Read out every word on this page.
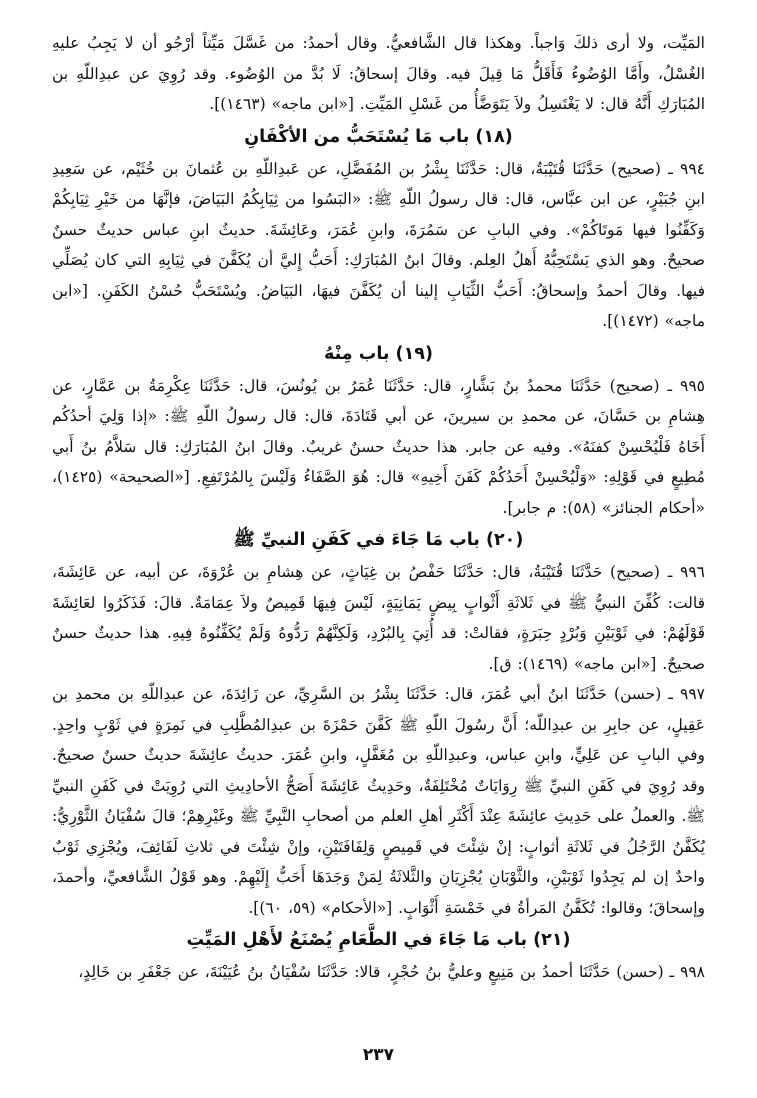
المَيِّت، ولا أرى ذلكَ وَاجباً. وهكذا قال الشَّافعيُّ. وقال أحمدُ: من غَسَّلَ مَيِّتاً أرْجُو أن لا يَجِبُ عليهِ الغُسْلُ، وأَمَّا الوُضُوءُ فَأَقَلُّ مَا قِيلَ فيه. وقالَ إسحاقُ: لَا بُدَّ من الوُضُوء. وقد رُوِيَ عن عبدِاللّهِ بن المُبَارَكِ أَنَّهُ قال: لا يَغْتَسِلُ ولاَ يَتَوَضَّأُ من غَسْلِ المَيِّتِ. [«ابن ماجه» (١٤٦٣)].

(١٨) باب مَا يُسْتَحَبُّ من الأكْفَانِ

٩٩٤ ـ (صحيح) حَدَّثَنَا قُتَيْبَةُ، قال: حَدَّثَنَا بِشْرُ بن المُفَضَّلِ، عن عَبدِاللّهِ بن عُثمانَ بن خُثَيْم، عن سَعِيدِ ابنِ جُبَيْرٍ، عن ابن عبَّاس، قال: قال رسولُ اللّهِ ﷺ: «البَسُوا من ثِيَابِكُمُ البَيَاضَ، فإنَّهَا من خَيْرِ ثِيَابِكُمْ وَكَفِّنُوا فيها مَوتَاكُمْ». وفي البابِ عن سَمُرَةَ، وابنِ عُمَرَ، وعَائِشَةَ. حديثُ ابنِ عباس حديثٌ حسنٌ صحيحٌ. وهو الذي يَسْتَحِبُّهُ أَهلُ العِلم. وقالَ ابنُ المُبَارَكِ: أَحَبُّ إِليَّ أن يُكَفَّنَ في ثِيَابِهِ التي كان يُصَلِّي فيها. وقالَ أحمدُ وإسحاقُ: أَحَبُّ الثِّيَابِ إلينا أن يُكَفَّنَ فيهَا، البَيَاضُ. ويُسْتَحَبُّ حُسْنُ الكَفَنِ. [«ابن ماجه» (١٤٧٢)].

(١٩) باب مِنْهُ

٩٩٥ ـ (صحيح) حَدَّثَنَا محمدُ بنُ بَشَّارٍ، قال: حَدَّثَنَا عُمَرُ بن يُونُسَ، قال: حَدَّثَنَا عِكْرِمَةُ بن عَمَّارٍ، عن هِشامِ بن حَسَّانَ، عن محمدِ بن سيرينَ، عن أبي قَتَادَةَ، قال: قال رسولُ اللّهِ ﷺ: «إذا وَلِيَ أحدُكُم أَخَاهُ فَلْيُحْسِنْ كفنَهُ». وفيه عن جابر. هذا حديثٌ حسنٌ غريبٌ. وقالَ ابنُ المُبَارَكِ: قال سَلاَّمُ بنُ أَبي مُطِيعٍ في قَوْلِهِ: «وَلْيُحْسِنْ أَحَدُكُمْ كَفَنَ أَخِيهِ» قال: هُوَ الصَّفَاءُ وَلَيْسَ بِالمُرْتَفِعِ. [«الصحيحة» (١٤٢٥)، «أحكام الجنائز» (٥٨): م جابر].

(٢٠) باب مَا جَاءَ في كَفَنِ النبيِّ ﷺ

٩٩٦ ـ (صحيح) حَدَّثَنَا قُتَيْبَةُ، قال: حَدَّثَنَا حَفْصُ بن غِيَاثٍ، عن هِشامِ بن عُرْوَةَ، عن أبيه، عن عَائِشَةَ، قالت: كُفِّنَ النبيُّ ﷺ في ثَلاثَةِ أَثْوابٍ بِيضٍ يَمَانِيَةٍ، لَيْسَ فِيهَا قَمِيصٌ ولاَ عِمَامَةٌ. قالَ: فَذَكَرُوا لعَائِشَةَ قَوْلَهُمْ: في ثَوْبَيْنِ وَبُرْدٍ حِبَرَةٍ، فقالتْ: قد أُتِيَ بِالبُرْدِ، وَلَكِنَّهُمْ رَدُّوهُ وَلَمْ يُكَفِّنُوهُ فِيهِ. هذا حديثٌ حسنٌ صحيحٌ. [«ابن ماجه» (١٤٦٩): ق].

٩٩٧ ـ (حسن) حَدَّثَنَا ابنُ أبي عُمَرَ، قال: حَدَّثَنَا بِشْرُ بن السَّرِيِّ، عن زَائِدَةَ، عن عبدِاللّهِ بن محمدِ بن عَقِيلٍ، عن جابِرِ بن عبدِاللّه؛ أَنَّ رسُولَ اللّهِ ﷺ كَفَّنَ حَمْزَةَ بن عبدِالمُطَّلِبِ في نَمِرَةٍ في ثَوْبٍ واحِدٍ. وفي البابِ عن عَلِيٍّ، وابنِ عباس، وعبدِاللّهِ بن مُغَفَّلٍ، وابنِ عُمَرَ. حديثُ عائِشَةَ حديثٌ حسنٌ صحيحٌ. وقد رُوِيَ في كَفَنِ النبيِّ ﷺ رِوَايَاتٌ مُخْتَلِفَةٌ، وحَدِيثُ عَائِشَةَ أَصَحُّ الأحادِيثِ التي رُوِيَتْ في كَفَنِ النبيِّ ﷺ. والعملُ على حَدِيثِ عائِشَةَ عِنْدَ أَكْثَرِ أهلِ العلم من أصحابِ النَّبِيِّ ﷺ وغَيْرِهِمْ؛ قالَ سُفْيَانُ الثَّوْرِيُّ: يُكَفَّنُ الرَّجُلُ في ثَلاثَةِ أثوابٍ: إنْ شِئْتَ في قَمِيصٍ وَلِفَافَتَيْنِ، وإنْ شِئْتَ في ثلاثِ لَفَائِفَ، ويُجْزِي ثَوْبٌ واحدٌ إن لم يَجِدُوا ثَوْبَيْنِ، والثَّوْبَانِ يُجْزِيَانِ والثَّلاثَةُ لِمَنْ وَجَدَهَا أَحَبُّ إِلَيْهِمْ. وهو قَوْلُ الشَّافعيِّ، وأحمدَ، وإسحاقَ؛ وقالوا: تُكَفَّنُ المَرأةُ في خَمْسَةِ أَثْوَابٍ. [«الأحكام» (٥٩، ٦٠)].

(٢١) باب مَا جَاءَ في الطَّعَامِ يُصْنَعُ لأَهْلِ المَيِّتِ

٩٩٨ ـ (حسن) حَدَّثَنَا أحمدُ بن مَنِيعٍ وعليُّ بنُ حُجْرٍ، قالا: حَدَّثَنَا سُفْيَانُ بنُ عُيَيْنَةَ، عن جَعْفَرِ بن خَالِدٍ،

٢٣٧
